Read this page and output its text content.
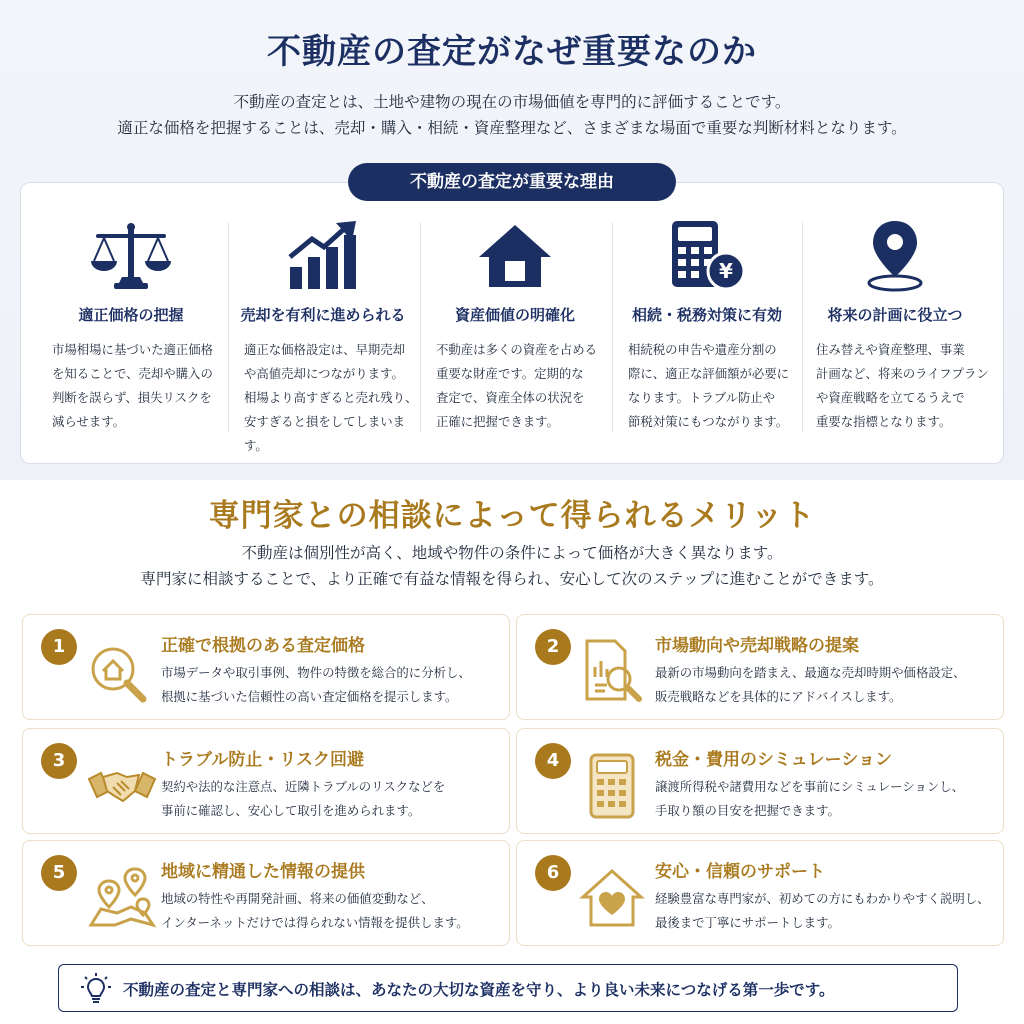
不動産の査定がなぜ重要なのか

不動産の査定とは、土地や建物の現在の市場価値を専門的に評価することです。
適正な価格を把握することは、売却・購入・相続・資産整理など、さまざまな場面で重要な判断材料となります。

不動産の査定が重要な理由
適正価格の把握
市場相場に基づいた適正価格
を知ることで、売却や購入の
判断を誤らず、損失リスクを
減らせます。
売却を有利に進められる
適正な価格設定は、早期売却
や高値売却につながります。
相場より高すぎると売れ残り、
安すぎると損をしてしまいます。
資産価値の明確化
不動産は多くの資産を占める
重要な財産です。定期的な
査定で、資産全体の状況を
正確に把握できます。
¥
相続・税務対策に有効
相続税の申告や遺産分割の
際に、適正な評価額が必要に
なります。トラブル防止や
節税対策にもつながります。
将来の計画に役立つ
住み替えや資産整理、事業
計画など、将来のライフプラン
や資産戦略を立てるうえで
重要な指標となります。
専門家との相談によって得られるメリット

不動産は個別性が高く、地域や物件の条件によって価格が大きく異なります。
専門家に相談することで、より正確で有益な情報を得られ、安心して次のステップに進むことができます。

1	正確で根拠のある査定価格
市場データや取引事例、物件の特徴を総合的に分析し、
根拠に基づいた信頼性の高い査定価格を提示します。
2	市場動向や売却戦略の提案
最新の市場動向を踏まえ、最適な売却時期や価格設定、
販売戦略などを具体的にアドバイスします。
3	トラブル防止・リスク回避
契約や法的な注意点、近隣トラブルのリスクなどを
事前に確認し、安心して取引を進められます。
4	税金・費用のシミュレーション
譲渡所得税や諸費用などを事前にシミュレーションし、
手取り額の目安を把握できます。
5	地域に精通した情報の提供
地域の特性や再開発計画、将来の価値変動など、
インターネットだけでは得られない情報を提供します。
6	安心・信頼のサポート
経験豊富な専門家が、初めての方にもわかりやすく説明し、
最後まで丁寧にサポートします。
不動産の査定と専門家への相談は、あなたの大切な資産を守り、より良い未来につなげる第一歩です。
